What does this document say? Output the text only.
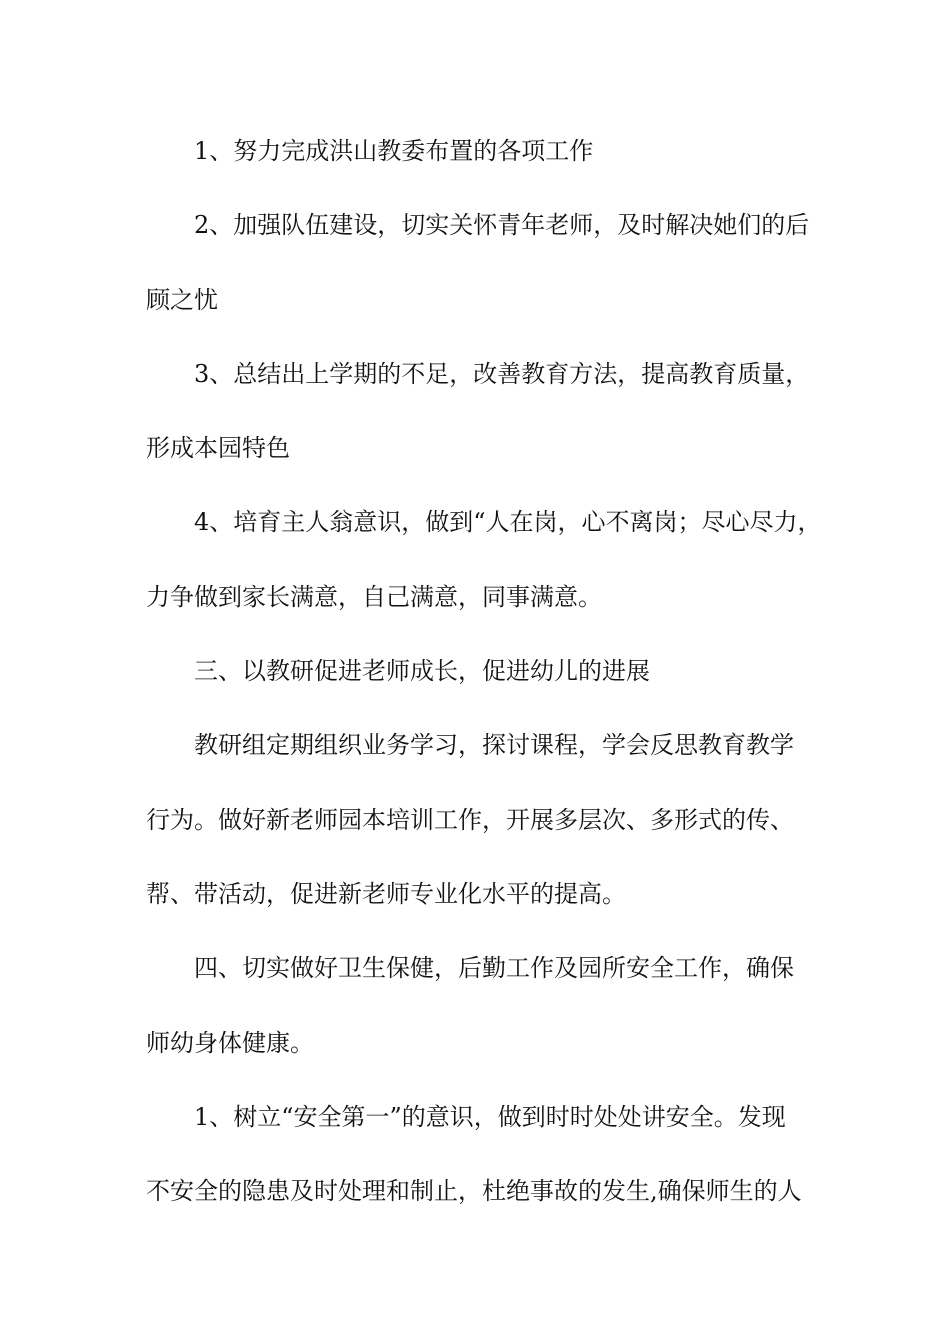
1、努力完成洪山教委布置的各项工作

2、加强队伍建设，切实关怀青年老师，及时解决她们的后

顾之忧

3、总结出上学期的不足，改善教育方法，提高教育质量，

形成本园特色

4、培育主人翁意识，做到“人在岗，心不离岗；尽心尽力，

力争做到家长满意，自己满意，同事满意。

三、以教研促进老师成长，促进幼儿的进展

教研组定期组织业务学习，探讨课程，学会反思教育教学

行为。做好新老师园本培训工作，开展多层次、多形式的传、

帮、带活动，促进新老师专业化水平的提高。

四、切实做好卫生保健，后勤工作及园所安全工作，确保

师幼身体健康。

1、树立“安全第一”的意识，做到时时处处讲安全。发现

不安全的隐患及时处理和制止，杜绝事故的发生,确保师生的人
